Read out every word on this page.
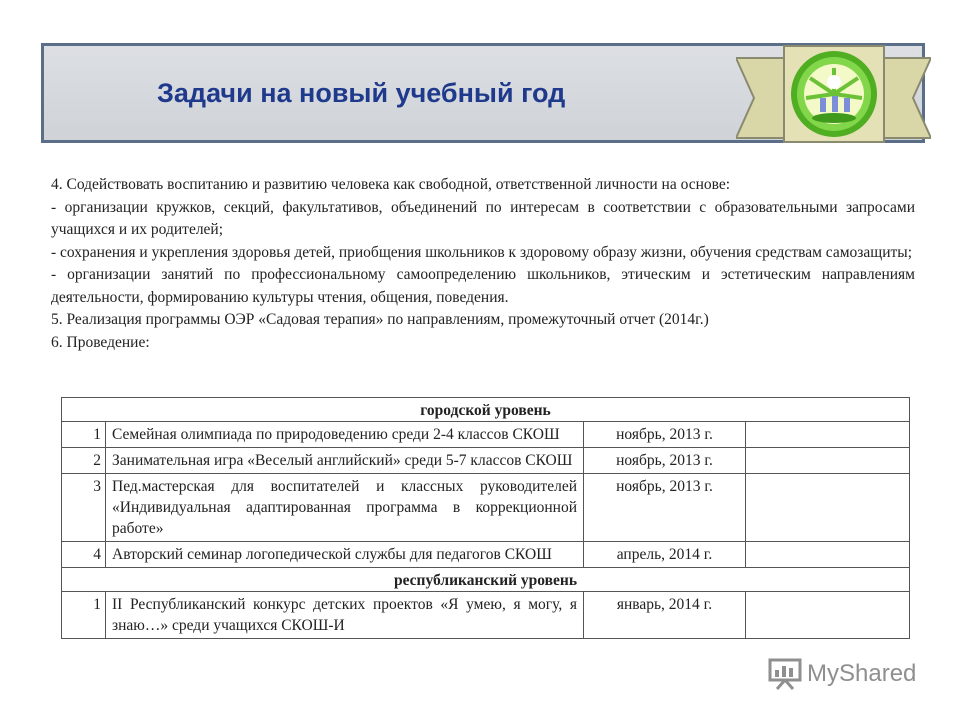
Задачи на новый учебный год

4. Содействовать воспитанию и развитию человека как свободной, ответственной личности на основе:

- организации кружков, секций, факультативов, объединений по интересам в соответствии с образовательными запросами учащихся и их родителей;

- сохранения и укрепления здоровья детей, приобщения школьников к здоровому образу жизни, обучения средствам самозащиты;

- организации занятий по профессиональному самоопределению школьников, этическим и эстетическим направлениям деятельности, формированию культуры чтения, общения, поведения.

5. Реализация программы ОЭР «Садовая терапия» по направлениям, промежуточный отчет (2014г.)

6. Проведение:

городской уровень			
1	Семейная олимпиада по природоведению среди 2-4 классов СКОШ	ноябрь, 2013 г.	
2	Занимательная игра «Веселый английский» среди 5-7 классов СКОШ	ноябрь, 2013 г.	
3	Пед.мастерская для воспитателей и классных руководителей «Индивидуальная адаптированная программа в коррекционной работе»	ноябрь, 2013 г.	
4	Авторский семинар логопедической службы для педагогов СКОШ	апрель, 2014 г.	
республиканский уровень			
1	II Республиканский конкурс детских проектов «Я умею, я могу, я знаю…» среди учащихся СКОШ-И	январь, 2014 г.	
MyShared
